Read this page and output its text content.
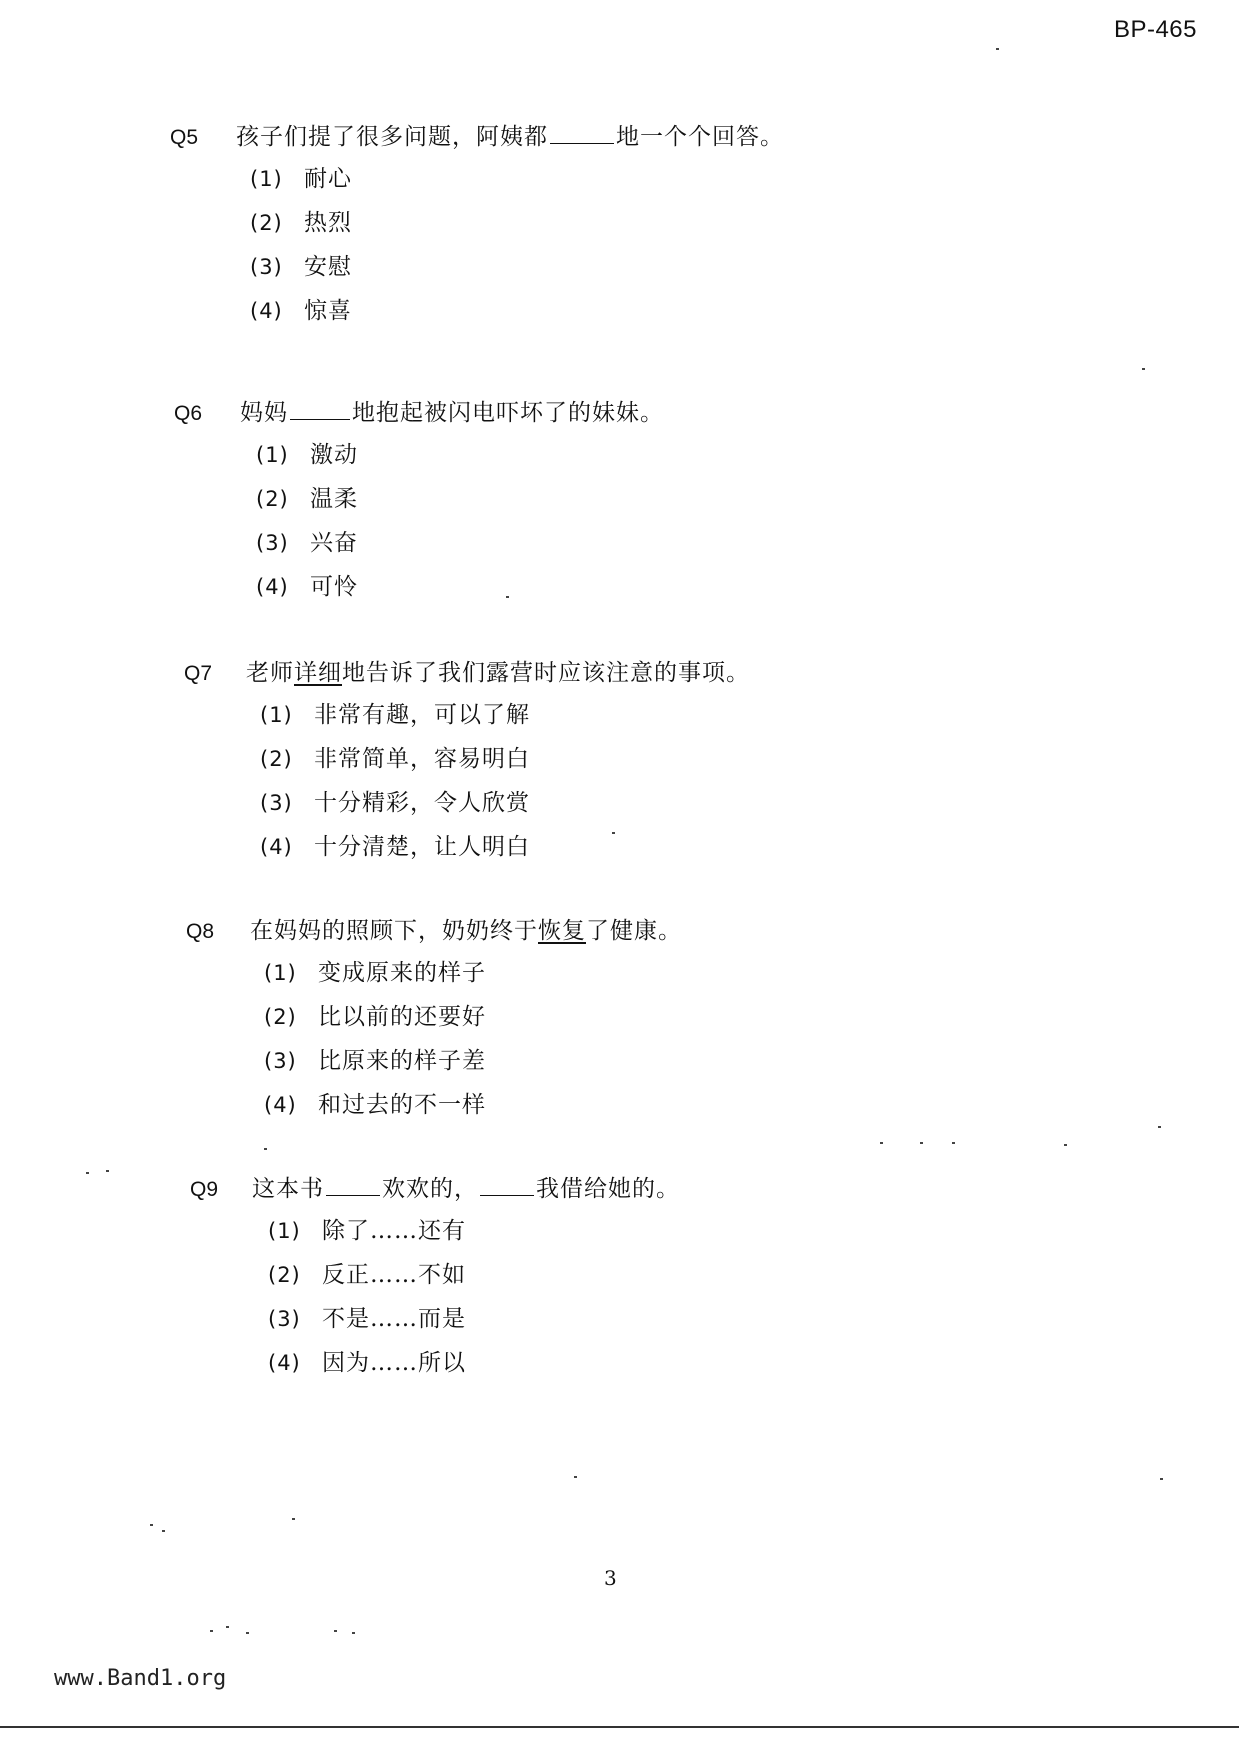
BP-465
Q5	孩子们提了很多问题，阿姨都	地一个个回答。
(1) 耐心
(2) 热烈
(3) 安慰
(4) 惊喜
Q6	妈妈	地抱起被闪电吓坏了的妹妹。
(1) 激动
(2) 温柔
(3) 兴奋
(4) 可怜
Q7	老师详细地告诉了我们露营时应该注意的事项。
(1) 非常有趣，可以了解
(2) 非常简单，容易明白
(3) 十分精彩，令人欣赏
(4) 十分清楚，让人明白
Q8	在妈妈的照顾下，奶奶终于恢复了健康。
(1) 变成原来的样子
(2) 比以前的还要好
(3) 比原来的样子差
(4) 和过去的不一样
Q9	这本书	欢欢的，	我借给她的。
(1) 除了……还有
(2) 反正……不如
(3) 不是……而是
(4) 因为……所以
3
www.Band1.org
